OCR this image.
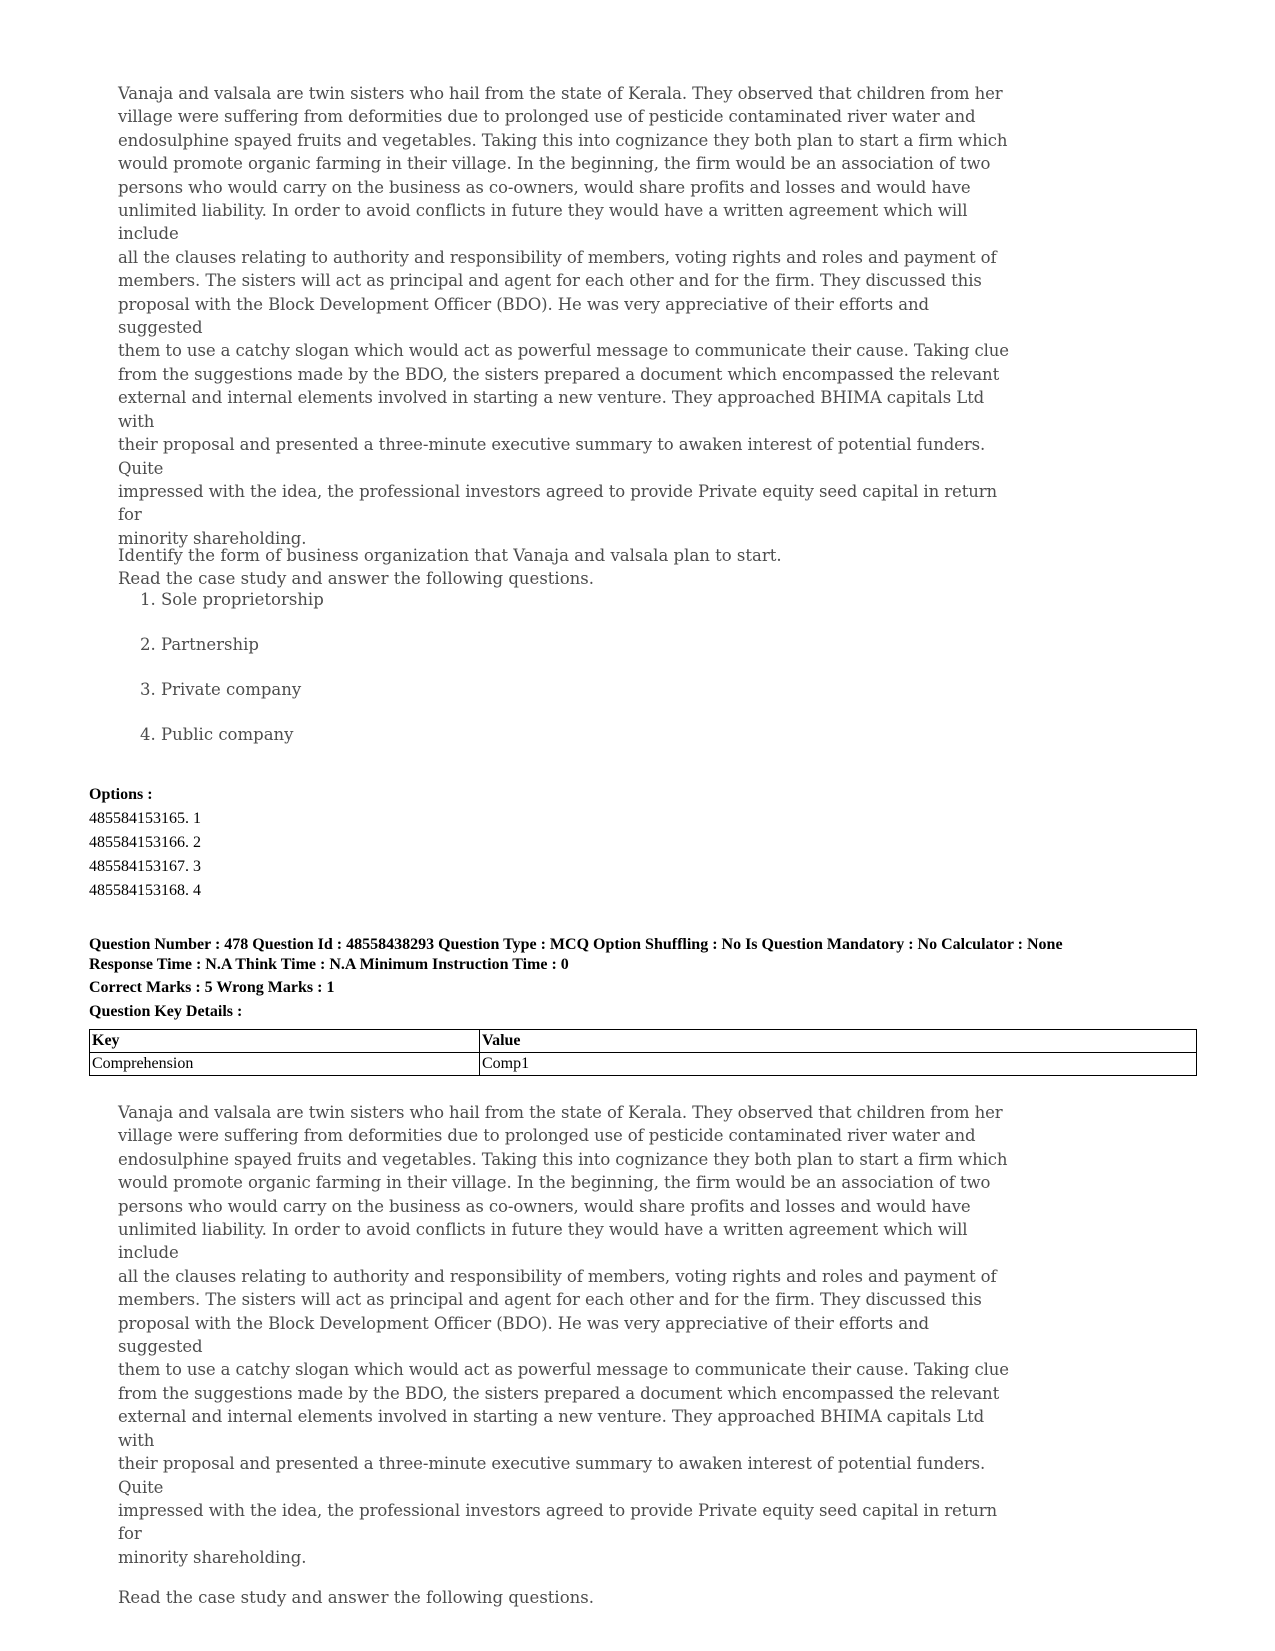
Vanaja and valsala are twin sisters who hail from the state of Kerala. They observed that children from her
village were suffering from deformities due to prolonged use of pesticide contaminated river water and
endosulphine spayed fruits and vegetables. Taking this into cognizance they both plan to start a firm which
would promote organic farming in their village. In the beginning, the firm would be an association of two
persons who would carry on the business as co-owners, would share profits and losses and would have
unlimited liability. In order to avoid conflicts in future they would have a written agreement which will include
all the clauses relating to authority and responsibility of members, voting rights and roles and payment of
members. The sisters will act as principal and agent for each other and for the firm. They discussed this
proposal with the Block Development Officer (BDO). He was very appreciative of their efforts and suggested
them to use a catchy slogan which would act as powerful message to communicate their cause. Taking clue
from the suggestions made by the BDO, the sisters prepared a document which encompassed the relevant
external and internal elements involved in starting a new venture. They approached BHIMA capitals Ltd with
their proposal and presented a three-minute executive summary to awaken interest of potential funders. Quite
impressed with the idea, the professional investors agreed to provide Private equity seed capital in return for
minority shareholding.

Read the case study and answer the following questions.

Identify the form of business organization that Vanaja and valsala plan to start.

1. Sole proprietorship
2. Partnership
3. Private company
4. Public company
Options :
485584153165. 1
485584153166. 2
485584153167. 3
485584153168. 4
Question Number : 478 Question Id : 48558438293 Question Type : MCQ Option Shuffling : No Is Question Mandatory : No Calculator : None
Response Time : N.A Think Time : N.A Minimum Instruction Time : 0
Correct Marks : 5 Wrong Marks : 1
Question Key Details :
Key	Value
Comprehension	Comp1
Vanaja and valsala are twin sisters who hail from the state of Kerala. They observed that children from her
village were suffering from deformities due to prolonged use of pesticide contaminated river water and
endosulphine spayed fruits and vegetables. Taking this into cognizance they both plan to start a firm which
would promote organic farming in their village. In the beginning, the firm would be an association of two
persons who would carry on the business as co-owners, would share profits and losses and would have
unlimited liability. In order to avoid conflicts in future they would have a written agreement which will include
all the clauses relating to authority and responsibility of members, voting rights and roles and payment of
members. The sisters will act as principal and agent for each other and for the firm. They discussed this
proposal with the Block Development Officer (BDO). He was very appreciative of their efforts and suggested
them to use a catchy slogan which would act as powerful message to communicate their cause. Taking clue
from the suggestions made by the BDO, the sisters prepared a document which encompassed the relevant
external and internal elements involved in starting a new venture. They approached BHIMA capitals Ltd with
their proposal and presented a three-minute executive summary to awaken interest of potential funders. Quite
impressed with the idea, the professional investors agreed to provide Private equity seed capital in return for
minority shareholding.

Read the case study and answer the following questions.
